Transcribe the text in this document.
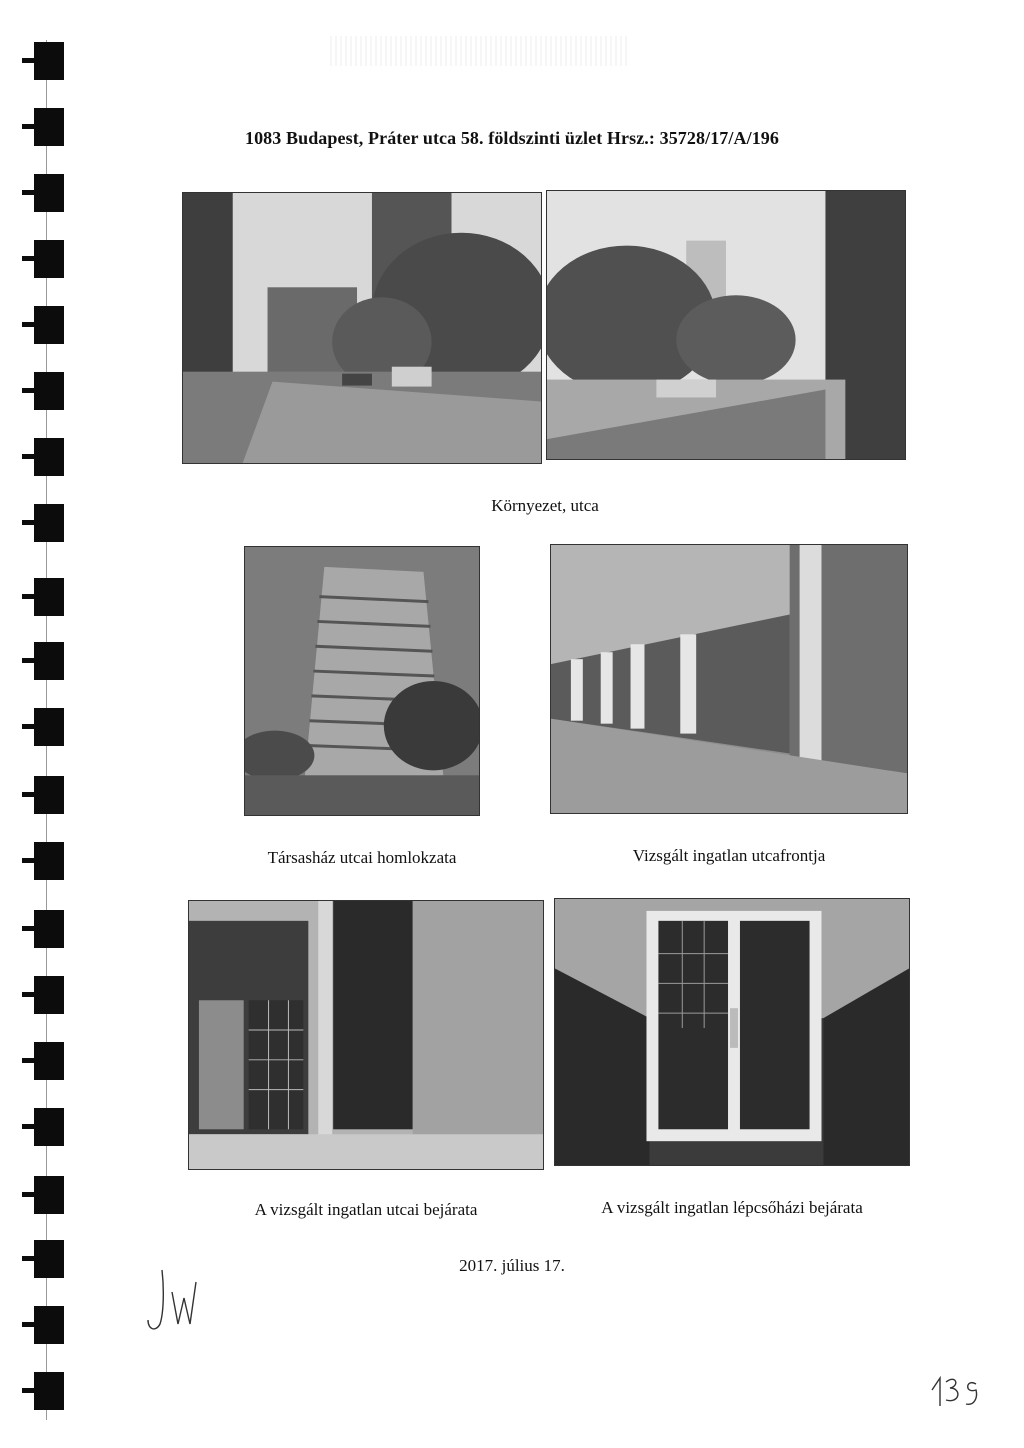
1083 Budapest, Práter utca 58. földszinti üzlet Hrsz.: 35728/17/A/196
Környezet, utca
Társasház utcai homlokzata	Vizsgált ingatlan utcafrontja
A vizsgált ingatlan utcai bejárata	A vizsgált ingatlan lépcsőházi bejárata
2017. július 17.
